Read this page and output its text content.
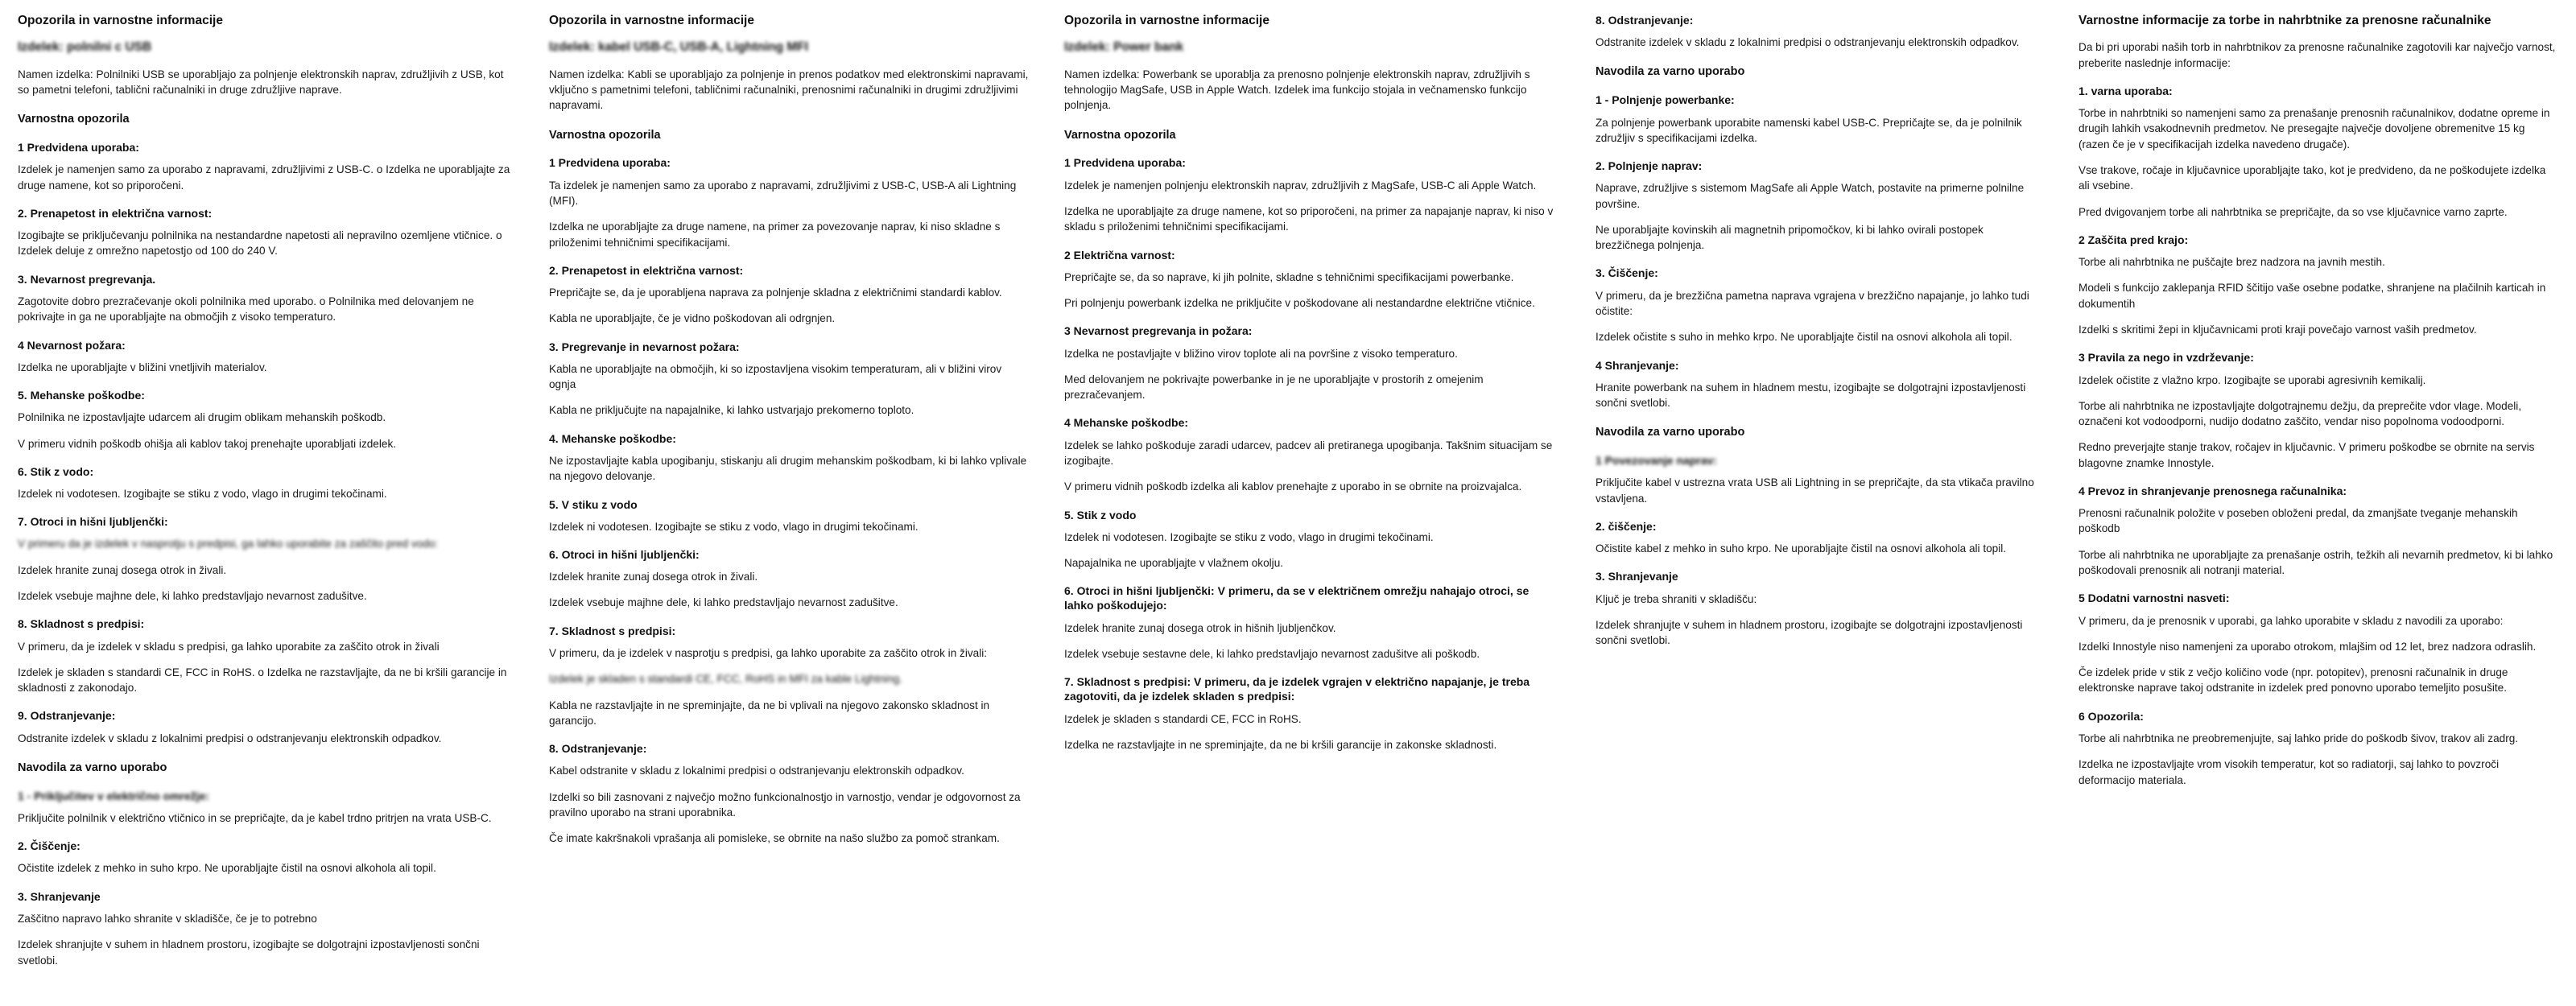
Opozorila in varnostne informacije
Izdelek: polnilni c USB

Namen izdelka: Polnilniki USB se uporabljajo za polnjenje elektronskih naprav, združljivih z USB, kot so pametni telefoni, tablični računalniki in druge združljive naprave.

Varnostna opozorila
1 Predvidena uporaba:

Izdelek je namenjen samo za uporabo z napravami, združljivimi z USB-C. o Izdelka ne uporabljajte za druge namene, kot so priporočeni.

2. Prenapetost in električna varnost:

Izogibajte se priključevanju polnilnika na nestandardne napetosti ali nepravilno ozemljene vtičnice. o Izdelek deluje z omrežno napetostjo od 100 do 240 V.

3. Nevarnost pregrevanja.

Zagotovite dobro prezračevanje okoli polnilnika med uporabo. o Polnilnika med delovanjem ne pokrivajte in ga ne uporabljajte na območjih z visoko temperaturo.

4 Nevarnost požara:

Izdelka ne uporabljajte v bližini vnetljivih materialov.

5. Mehanske poškodbe:

Polnilnika ne izpostavljajte udarcem ali drugim oblikam mehanskih poškodb.

V primeru vidnih poškodb ohišja ali kablov takoj prenehajte uporabljati izdelek.

6. Stik z vodo:

Izdelek ni vodotesen. Izogibajte se stiku z vodo, vlago in drugimi tekočinami.

7. Otroci in hišni ljubljenčki:

V primeru da je izdelek v nasprotju s predpisi, ga lahko uporabite za zaščito pred vodo:

Izdelek hranite zunaj dosega otrok in živali.

Izdelek vsebuje majhne dele, ki lahko predstavljajo nevarnost zadušitve.

8. Skladnost s predpisi:

V primeru, da je izdelek v skladu s predpisi, ga lahko uporabite za zaščito otrok in živali

Izdelek je skladen s standardi CE, FCC in RoHS. o Izdelka ne razstavljajte, da ne bi kršili garancije in skladnosti z zakonodajo.

9. Odstranjevanje:

Odstranite izdelek v skladu z lokalnimi predpisi o odstranjevanju elektronskih odpadkov.

Navodila za varno uporabo
1 - Priključitev v električno omrežje:

Priključite polnilnik v električno vtičnico in se prepričajte, da je kabel trdno pritrjen na vrata USB-C.

2. Čiščenje:

Očistite izdelek z mehko in suho krpo. Ne uporabljajte čistil na osnovi alkohola ali topil.

3. Shranjevanje

Zaščitno napravo lahko shranite v skladišče, če je to potrebno

Izdelek shranjujte v suhem in hladnem prostoru, izogibajte se dolgotrajni izpostavljenosti sončni svetlobi.

Opozorila in varnostne informacije
Izdelek: kabel USB-C, USB-A, Lightning MFI

Namen izdelka: Kabli se uporabljajo za polnjenje in prenos podatkov med elektronskimi napravami, vključno s pametnimi telefoni, tabličnimi računalniki, prenosnimi računalniki in drugimi združljivimi napravami.

Varnostna opozorila
1 Predvidena uporaba:

Ta izdelek je namenjen samo za uporabo z napravami, združljivimi z USB-C, USB-A ali Lightning (MFI).

Izdelka ne uporabljajte za druge namene, na primer za povezovanje naprav, ki niso skladne s priloženimi tehničnimi specifikacijami.

2. Prenapetost in električna varnost:

Prepričajte se, da je uporabljena naprava za polnjenje skladna z električnimi standardi kablov.

Kabla ne uporabljajte, če je vidno poškodovan ali odrgnjen.

3. Pregrevanje in nevarnost požara:

Kabla ne uporabljajte na območjih, ki so izpostavljena visokim temperaturam, ali v bližini virov ognja

Kabla ne priključujte na napajalnike, ki lahko ustvarjajo prekomerno toploto.

4. Mehanske poškodbe:

Ne izpostavljajte kabla upogibanju, stiskanju ali drugim mehanskim poškodbam, ki bi lahko vplivale na njegovo delovanje.

5. V stiku z vodo

Izdelek ni vodotesen. Izogibajte se stiku z vodo, vlago in drugimi tekočinami.

6. Otroci in hišni ljubljenčki:

Izdelek hranite zunaj dosega otrok in živali.

Izdelek vsebuje majhne dele, ki lahko predstavljajo nevarnost zadušitve.

7. Skladnost s predpisi:

V primeru, da je izdelek v nasprotju s predpisi, ga lahko uporabite za zaščito otrok in živali:

Izdelek je skladen s standardi CE, FCC, RoHS in MFI za kable Lightning.

Kabla ne razstavljajte in ne spreminjajte, da ne bi vplivali na njegovo zakonsko skladnost in garancijo.

8. Odstranjevanje:

Kabel odstranite v skladu z lokalnimi predpisi o odstranjevanju elektronskih odpadkov.

Izdelki so bili zasnovani z največjo možno funkcionalnostjo in varnostjo, vendar je odgovornost za pravilno uporabo na strani uporabnika.

Če imate kakršnakoli vprašanja ali pomislekе, se obrnite na našo službo za pomoč strankam.

Opozorila in varnostne informacije
Izdelek: Power bank

Namen izdelka: Powerbank se uporablja za prenosno polnjenje elektronskih naprav, združljivih s tehnologijo MagSafe, USB in Apple Watch. Izdelek ima funkcijo stojala in večnamensko funkcijo polnjenja.

Varnostna opozorila
1 Predvidena uporaba:

Izdelek je namenjen polnjenju elektronskih naprav, združljivih z MagSafe, USB-C ali Apple Watch.

Izdelka ne uporabljajte za druge namene, kot so priporočeni, na primer za napajanje naprav, ki niso v skladu s priloženimi tehničnimi specifikacijami.

2 Električna varnost:

Prepričajte se, da so naprave, ki jih polnite, skladne s tehničnimi specifikacijami powerbanke.

Pri polnjenju powerbank izdelka ne priključite v poškodovane ali nestandardne električne vtičnice.

3 Nevarnost pregrevanja in požara:

Izdelka ne postavljajte v bližino virov toplote ali na površine z visoko temperaturo.

Med delovanjem ne pokrivajte powerbanke in je ne uporabljajte v prostorih z omejenim prezračevanjem.

4 Mehanske poškodbe:

Izdelek se lahko poškoduje zaradi udarcev, padcev ali pretiranega upogibanja. Takšnim situacijam se izogibajte.

V primeru vidnih poškodb izdelka ali kablov prenehajte z uporabo in se obrnite na proizvajalca.

5. Stik z vodo

Izdelek ni vodotesen. Izogibajte se stiku z vodo, vlago in drugimi tekočinami.

Napajalnika ne uporabljajte v vlažnem okolju.

6. Otroci in hišni ljubljenčki: V primeru, da se v električnem omrežju nahajajo otroci, se lahko poškodujejo:

Izdelek hranite zunaj dosega otrok in hišnih ljubljenčkov.

Izdelek vsebuje sestavne dele, ki lahko predstavljajo nevarnost zadušitve ali poškodb.

7. Skladnost s predpisi: V primeru, da je izdelek vgrajen v električno napajanje, je treba zagotoviti, da je izdelek skladen s predpisi:

Izdelek je skladen s standardi CE, FCC in RoHS.

Izdelka ne razstavljajte in ne spreminjajte, da ne bi kršili garancije in zakonske skladnosti.

8. Odstranjevanje:

Odstranite izdelek v skladu z lokalnimi predpisi o odstranjevanju elektronskih odpadkov.

Navodila za varno uporabo
1 - Polnjenje powerbanke:

Za polnjenje powerbank uporabite namenski kabel USB-C. Prepričajte se, da je polnilnik združljiv s specifikacijami izdelka.

2. Polnjenje naprav:

Naprave, združljive s sistemom MagSafe ali Apple Watch, postavite na primerne polnilne površine.

Ne uporabljajte kovinskih ali magnetnih pripomočkov, ki bi lahko ovirali postopek brezžičnega polnjenja.

3. Čiščenje:

V primeru, da je brezžična pametna naprava vgrajena v brezžično napajanje, jo lahko tudi očistite:

Izdelek očistite s suho in mehko krpo. Ne uporabljajte čistil na osnovi alkohola ali topil.

4 Shranjevanje:

Hranite powerbank na suhem in hladnem mestu, izogibajte se dolgotrajni izpostavljenosti sončni svetlobi.

Navodila za varno uporabo
1 Povezovanje naprav:

Priključite kabel v ustrezna vrata USB ali Lightning in se prepričajte, da sta vtikača pravilno vstavljena.

2. čiščenje:

Očistite kabel z mehko in suho krpo. Ne uporabljajte čistil na osnovi alkohola ali topil.

3. Shranjevanje

Ključ je treba shraniti v skladišču:

Izdelek shranjujte v suhem in hladnem prostoru, izogibajte se dolgotrajni izpostavljenosti sončni svetlobi.

Varnostne informacije za torbe in nahrbtnike za prenosne računalnike

Da bi pri uporabi naših torb in nahrbtnikov za prenosne računalnike zagotovili kar največjo varnost, preberite naslednje informacije:

1. varna uporaba:

Torbe in nahrbtniki so namenjeni samo za prenašanje prenosnih računalnikov, dodatne opreme in drugih lahkih vsakodnevnih predmetov. Ne presegajte največje dovoljene obremenitve 15 kg (razen če je v specifikacijah izdelka navedeno drugače).

Vse trakove, ročaje in ključavnice uporabljajte tako, kot je predvideno, da ne poškodujete izdelka ali vsebine.

Pred dvigovanjem torbe ali nahrbtnika se prepričajte, da so vse ključavnice varno zaprte.

2 Zaščita pred krajo:

Torbe ali nahrbtnika ne puščajte brez nadzora na javnih mestih.

Modeli s funkcijo zaklepanja RFID ščitijo vaše osebne podatke, shranjene na plačilnih karticah in dokumentih

Izdelki s skritimi žepi in ključavnicami proti kraji povečajo varnost vaših predmetov.

3 Pravila za nego in vzdrževanje:

Izdelek očistite z vlažno krpo. Izogibajte se uporabi agresivnih kemikalij.

Torbe ali nahrbtnika ne izpostavljajte dolgotrajnemu dežju, da preprečite vdor vlage. Modeli, označeni kot vodoodporni, nudijo dodatno zaščito, vendar niso popolnoma vodoodporni.

Redno preverjajte stanje trakov, ročajev in ključavnic. V primeru poškodbe se obrnite na servis blagovne znamke Innostyle.

4 Prevoz in shranjevanje prenosnega računalnika:

Prenosni računalnik položite v poseben obloženi predal, da zmanjšate tveganje mehanskih poškodb

Torbe ali nahrbtnika ne uporabljajte za prenašanje ostrih, težkih ali nevarnih predmetov, ki bi lahko poškodovali prenosnik ali notranji material.

5 Dodatni varnostni nasveti:

V primeru, da je prenosnik v uporabi, ga lahko uporabite v skladu z navodili za uporabo:

Izdelki Innostyle niso namenjeni za uporabo otrokom, mlajšim od 12 let, brez nadzora odraslih.

Če izdelek pride v stik z večjo količino vode (npr. potopitev), prenosni računalnik in druge elektronske naprave takoj odstranite in izdelek pred ponovno uporabo temeljito posušite.

6 Opozorila:

Torbe ali nahrbtnika ne preobremenjujte, saj lahko pride do poškodb šivov, trakov ali zadrg.

Izdelka ne izpostavljajte vrom visokih temperatur, kot so radiatorji, saj lahko to povzroči deformacijo materiala.
